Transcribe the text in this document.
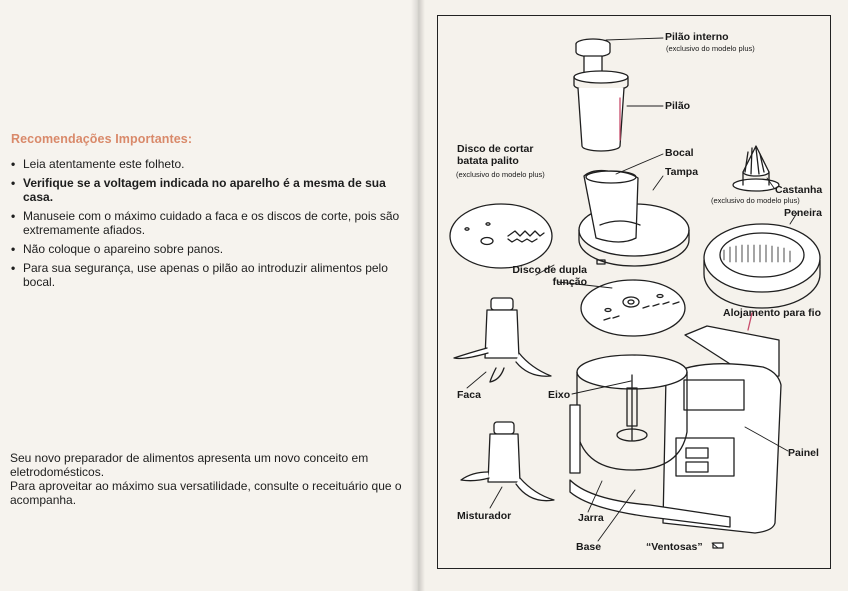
Recomendações Importantes:
• Leia atentamente este folheto.
• Verifique se a voltagem indicada no aparelho é a mesma de sua casa.
• Manuseie com o máximo cuidado a faca e os discos de corte, pois são extremamente afiados.
• Não coloque o apareino sobre panos.
• Para sua segurança, use apenas o pilão ao introduzir alimentos pelo bocal.

Seu novo preparador de alimentos apresenta um novo conceito em eletrodomésticos.

Para aproveitar ao máximo sua versatilidade, consulte o receituário que o acompanha.

Pilão interno
(exclusivo do modelo plus)
Pilão
Disco de cortar batata palito
(exclusivo do modelo plus)
Bocal
Tampa
Castanha
(exclusivo do modelo plus)
Peneira
Disco de dupla função
Alojamento para fio
Faca	Eixo
Painel
Misturador	Jarra
Base	“Ventosas”
